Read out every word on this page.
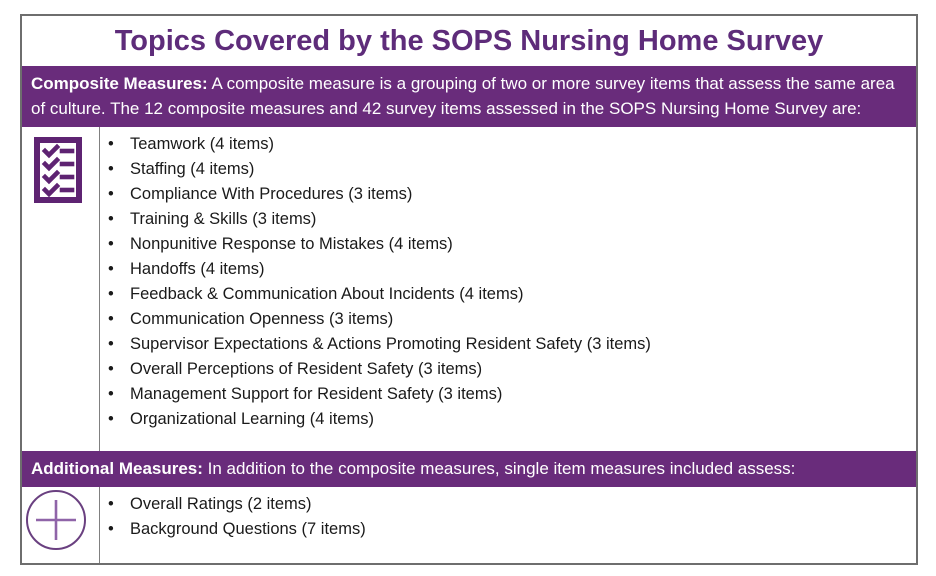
Topics Covered by the SOPS Nursing Home Survey
Composite Measures: A composite measure is a grouping of two or more survey items that assess the same area of culture. The 12 composite measures and 42 survey items assessed in the SOPS Nursing Home Survey are:
• Teamwork (4 items)
• Staffing (4 items)
• Compliance With Procedures (3 items)
• Training & Skills (3 items)
• Nonpunitive Response to Mistakes (4 items)
• Handoffs (4 items)
• Feedback & Communication About Incidents (4 items)
• Communication Openness (3 items)
• Supervisor Expectations & Actions Promoting Resident Safety (3 items)
• Overall Perceptions of Resident Safety (3 items)
• Management Support for Resident Safety (3 items)
• Organizational Learning (4 items)
Additional Measures: In addition to the composite measures, single item measures included assess:
• Overall Ratings (2 items)
• Background Questions (7 items)
